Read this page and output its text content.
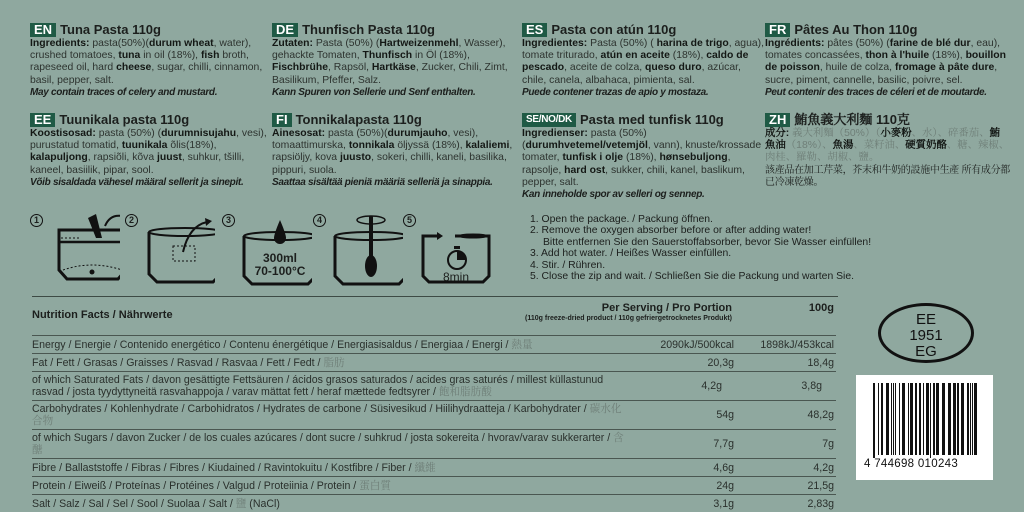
EN Tuna Pasta 110g
Ingredients: pasta(50%)(durum wheat, water), crushed tomatoes, tuna in oil (18%), fish broth, rapeseed oil, hard cheese, sugar, chilli, cinnamon, basil, pepper, salt.
May contain traces of celery and mustard.
DE Thunfisch Pasta 110g
Zutaten: Pasta (50%) (Hartweizenmehl, Wasser), gehackte Tomaten, Thunfisch in Öl (18%), Fischbrühe, Rapsöl, Hartkäse, Zucker, Chili, Zimt, Basilikum, Pfeffer, Salz.
Kann Spuren von Sellerie und Senf enthalten.
ES Pasta con atún 110g
Ingredientes: Pasta (50%) ( harina de trigo, agua), tomate triturado, atún en aceite (18%), caldo de pescado, aceite de colza, queso duro, azúcar, chile, canela, albahaca, pimienta, sal.
Puede contener trazas de apio y mostaza.
FR Pâtes Au Thon 110g
Ingrédients: pâtes (50%) (farine de blé dur, eau), tomates concassées, thon à l'huile (18%), bouillon de poisson, huile de colza, fromage à pâte dure, sucre, piment, cannelle, basilic, poivre, sel.
Peut contenir des traces de céleri et de moutarde.
EE Tuunikala pasta 110g
Koostisosad: pasta (50%) (durumnisujahu, vesi), purustatud tomatid, tuunikala õlis(18%), kalapuljong, rapsiõli, kõva juust, suhkur, tšilli, kaneel, basiilik, pipar, sool.
Võib sisaldada vähesel määral sellerit ja sinepit.
FI Tonnikalapasta 110g
Ainesosat: pasta (50%)(durumjauho, vesi), tomaattimurska, tonnikala öljyssä (18%), kalaliemi, rapsiöljy, kova juusto, sokeri, chilli, kaneli, basilika, pippuri, suola.
Saattaa sisältää pieniä määriä selleriä ja sinappia.
SE/NO/DK Pasta med tunfisk 110g
Ingredienser: pasta (50%)(durumhvetemel/vetemjöl, vann), knuste/krossade tomater, tunfisk i olje (18%), hønsebuljong, rapsolje, hard ost, sukker, chili, kanel, baslikum, pepper, salt.
Kan inneholde spor av selleri og sennep.
ZH 鮪魚義大利麵 110克
成分: 義大利麵（50%）（小麥粉、水）、碎番茄、鮪魚油（18%）、魚湯、菜籽油、硬質奶酪、糖、辣椒、肉桂、羅勒、胡椒、鹽。
該產品在加工芹菜，芥末和牛奶的設施中生產 所有成分都已冷凍乾燥。
1	2	3
300ml
70-100°C
4	5
8min
1. Open the package. / Packung öffnen.
2. Remove the oxygen absorber before or after adding water!
Bitte entfernen Sie den Sauerstoffabsorber, bevor Sie Wasser einfüllen!
3. Add hot water. / Heißes Wasser einfüllen.
4. Stir. / Rühren.
5. Close the zip and wait. / Schließen Sie die Packung und warten Sie.
Nutrition Facts / Nährwerte
Per Serving / Pro Portion
(110g freeze-dried product / 110g gefriergetrocknetes Produkt)
100g
Energy / Energie / Contenido energético / Contenu énergétique / Energiasisaldus / Energiaa / Energi / 熱量	2090kJ/500kcal	1898kJ/453kcal
Fat / Fett / Grasas / Graisses / Rasvad / Rasvaa / Fett / Fedt / 脂肪	20,3g	18,4g
of which Saturated Fats / davon gesättigte Fettsäuren / ácidos grasos saturados / acides gras saturés / millest küllastunud rasvad / josta tyydyttyneitä rasvahappoja / varav mättat fett / heraf mættede fedtsyrer / 飽和脂肪酸	4,2g	3,8g
Carbohydrates / Kohlenhydrate / Carbohidratos / Hydrates de carbone / Süsivesikud / Hiilihydraatteja / Karbohydrater / 碳水化合物	54g	48,2g
of which Sugars / davon Zucker / de los cuales azúcares / dont sucre / suhkrud / josta sokereita / hvorav/varav sukkerarter / 含醣	7,7g	7g
Fibre / Ballaststoffe / Fibras / Fibres / Kiudained / Ravintokuitu / Kostfibre / Fiber / 纖維	4,6g	4,2g
Protein / Eiweiß / Proteínas / Protéines / Valgud / Proteiinia / Protein / 蛋白質	24g	21,5g
Salt / Salz / Sal / Sel / Sool / Suolaa / Salt / 鹽 (NaCl)	3,1g	2,83g
EE
1951
EG
4 744698 010243
